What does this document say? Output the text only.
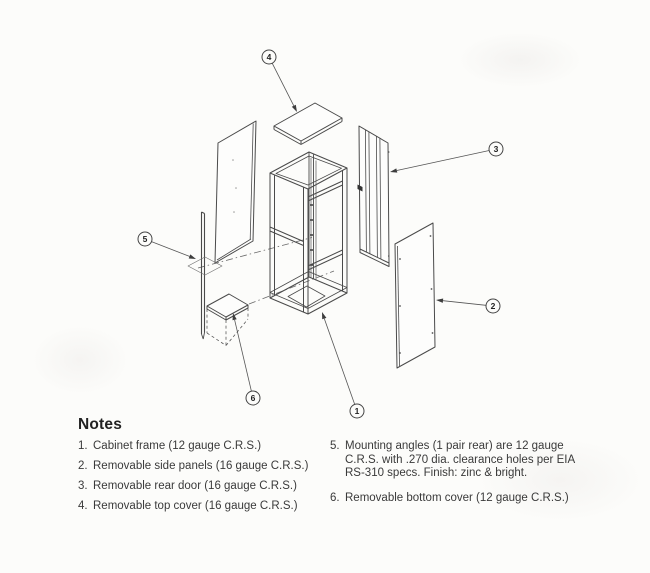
1
2
3
4
5
6
Notes
1. Cabinet frame (12 gauge C.R.S.)
2. Removable side panels (16 gauge C.R.S.)
3. Removable rear door (16 gauge C.R.S.)
4. Removable top cover (16 gauge C.R.S.)
5. Mounting angles (1 pair rear) are 12 gauge
C.R.S. with .270 dia. clearance holes per EIA
RS-310 specs. Finish: zinc & bright.
6. Removable bottom cover (12 gauge C.R.S.)
